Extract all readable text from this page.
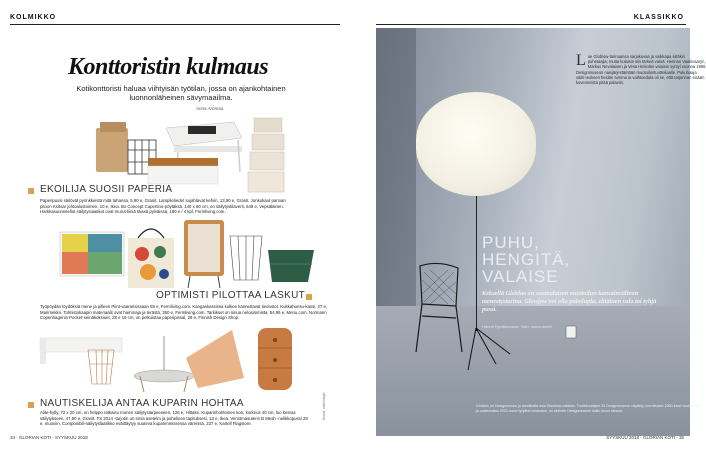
KOLMIKKO
Konttoristin kulmaus
Kotikonttoristi haluaa viihtyisän työtilan, jossa on ajankohtainen luonnonläheinen sävymaailma.
Anna Aromaa
EKOILIJA SUOSII PAPERIA
Paperipussi säilövät pyrinkkeistä mitä tahansa, 5,90 e, Granit. Lampiletiedet sujahtavat kehiin, 13,90 e, Granit. Jonkokaut pannan pitoon Ksitsar johtoalustoimen, 10 e, Ikea. Bo Concept Cupertino-pöytäksä, 140 x 60 cm, on säilytystilaverti, 549 e, Vepsäläinen. Harkkasuunnitellut säilytysiaatikot ovat murut-liiniä täissä pylväissä, 180 e / 4 kpl, Fermliving.com.
OPTIMISTI PILOTTAA LASKUT
Työpöydän löydöksiä mene ja pilleen Piint-vaararisissaan 55 e, Fermliving.com. Kangaskassissa kulkee kannettavat tiedostot. Kukkahunsu-kassi, 27 e, Marimekko. Tolmistokaapin materiaalit ovat hammaja ja terästä, 360 e, Fermliving.com. Tarkikset on sinua nelosimmista, 54,95 e, Menu.com. Normann Copenhagenin Pocket-seinäkoksiuet, 28 e 19 cm, on pelkuistaa paperipissal, 28 e, Finnish Design Shop.
NAUTISKELIJA ANTAA KUPARIN HOHTAA
Alite-hylly, 72 x 20 cm, on helppo ratkaisu monen säilytystarpeeseen, 126 e, Hittake. Kuparinhohtoinen kori, korkeus 40 cm, luo kestoa säilytykseen, 47,90 e, Granit. FS 2014 -tarjotin on sirsa asetelm ja puhelinen tapituksesi, 13 e, Ikea. Venstmasuterin B Mesh -nelikkopussi 29 e, muoviin. Componibili-säilytyslaatikko eväittäytyy suuteva kuparimmissessa väreissä, 237 e, Kartell Flagstore.
Kuvat: valmistajat
34 · GLORIAN KOTI · SYYSKUU 2018
KLASSIKKO
Lue Globlow-tarinaansa sarjakuvaa ja vaikkapa siitäkin puhetaajia; mutta kulaisin siis tärkeä valoä. Hennan Vaakivaaryn, Markus Nevalaisen ja Vesa Hinkolan valaisin syntyi vuonna 1996 Designmuseon naisjärjestämään muotoiluntuotteliaalle. Pukuhaaja väitti teoksen heidän tumma ia vaihtoedala oli se, että tarpinnan sisään kovenneista pitää palaviin.
PUHU, HENGITÄ, VALAISE
Keksellä Globlus on suomalaisen muotoilun kansainvälinen menestystarina. Glowjow voi olla pubelupla, elitäinen valo tai tyhjä pussi.
Hanna Hyvättavaara. Valo: sama Antell.
Globlow on Designmuseo ja arvokkaita osia Glowbow-valaisin. Tuotekoodejen 92 Designmuseon näyttely, kerrottuaan 1960-luvun tuotantoon ja uusimmaksi 2020-luvun tyhjäksi vuokraksi, on aloitettu Designmuseon Aalto-luvun takana.
SYYSKUU 2018 · GLORIAN KOTI · 35
